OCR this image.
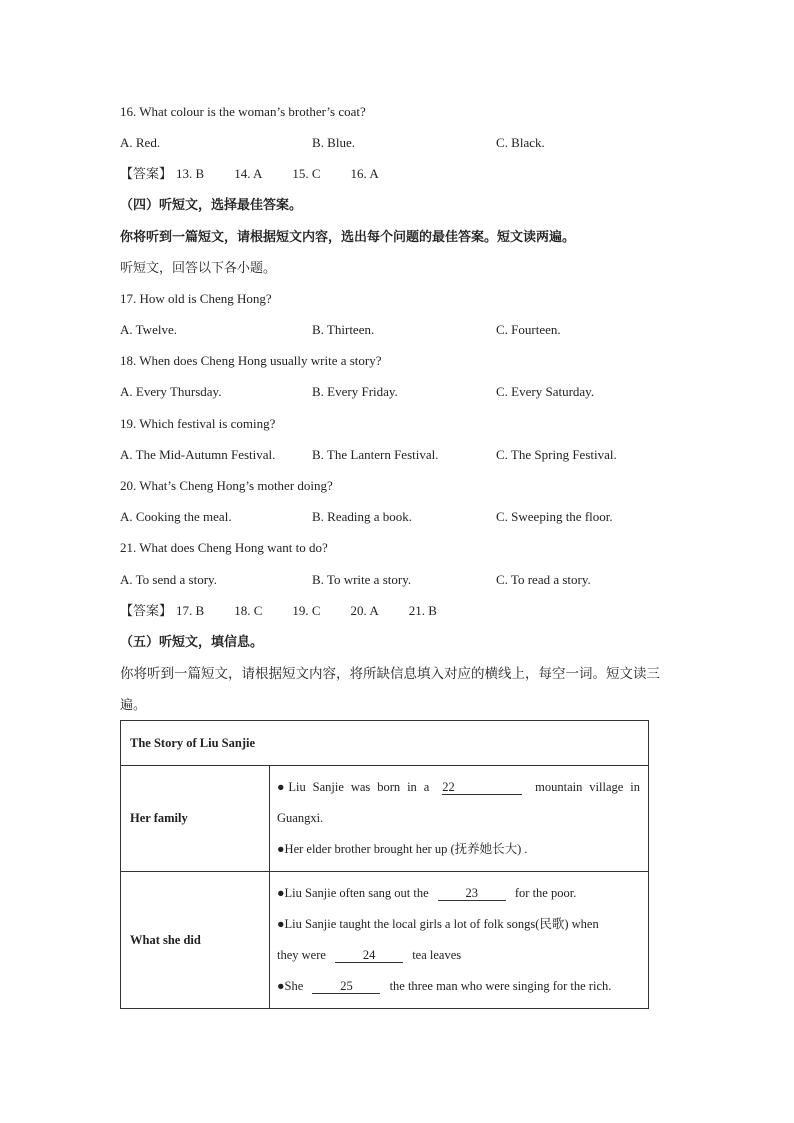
16. What colour is the woman’s brother’s coat?
A. Red.	B. Blue.	C. Black.
【答案】 13. B 14. A 15. C 16. A
（四）听短文，选择最佳答案。
你将听到一篇短文，请根据短文内容，选出每个问题的最佳答案。短文读两遍。
听短文，回答以下各小题。
17. How old is Cheng Hong?
A. Twelve.	B. Thirteen.	C. Fourteen.
18. When does Cheng Hong usually write a story?
A. Every Thursday.	B. Every Friday.	C. Every Saturday.
19. Which festival is coming?
A. The Mid-Autumn Festival.	B. The Lantern Festival.	C. The Spring Festival.
20. What’s Cheng Hong’s mother doing?
A. Cooking the meal.	B. Reading a book.	C. Sweeping the floor.
21. What does Cheng Hong want to do?
A. To send a story.	B. To write a story.	C. To read a story.
【答案】 17. B 18. C 19. C 20. A 21. B
（五）听短文，填信息。
你将听到一篇短文，请根据短文内容，将所缺信息填入对应的横线上，每空一词。短文读三
遍。
The Story of Liu Sanjie	
Her family	●Liu Sanjie was born in a 22 mountain village in
Guangxi.
●Her elder brother brought her up (抚养她长大) .

What she did	●Liu Sanjie often sang out the 23 for the poor.
●Liu Sanjie taught the local girls a lot of folk songs(民歌) when
they were 24 tea leaves
●She 25 the three man who were singing for the rich.
